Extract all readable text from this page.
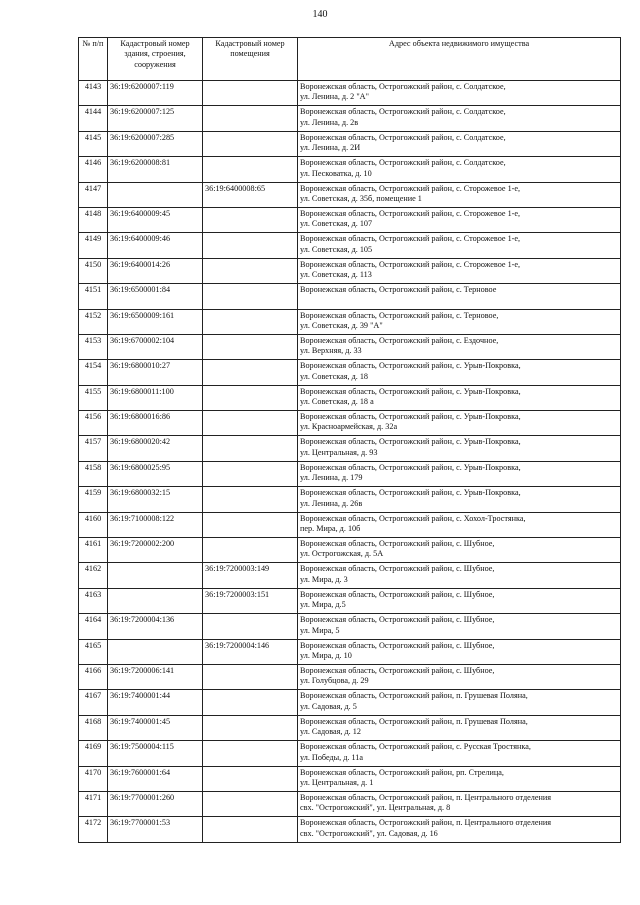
140
№ п/п	Кадастровый номер здания, строения, сооружения	Кадастровый номер помещения	Адрес объекта недвижимого имущества
4143	36:19:6200007:119		Воронежская область, Острогожский район, с. Солдатское,
ул. Ленина, д. 2 "А"

4144	36:19:6200007:125		Воронежская область, Острогожский район, с. Солдатское,
ул. Ленина, д. 2в

4145	36:19:6200007:285		Воронежская область, Острогожский район, с. Солдатское,
ул. Ленина, д. 2И

4146	36:19:6200008:81		Воронежская область, Острогожский район, с. Солдатское,
ул. Песковатка, д. 10

4147		36:19:6400008:65	Воронежская область, Острогожский район, с. Сторожевое 1-е,
ул. Советская, д. 35б, помещение 1

4148	36:19:6400009:45		Воронежская область, Острогожский район, с. Сторожевое 1-е,
ул. Советская, д. 107

4149	36:19:6400009:46		Воронежская область, Острогожский район, с. Сторожевое 1-е,
ул. Советская, д. 105

4150	36:19:6400014:26		Воронежская область, Острогожский район, с. Сторожевое 1-е,
ул. Советская, д. 113

4151	36:19:6500001:84		Воронежская область, Острогожский район, с. Терновое

4152	36:19:6500009:161		Воронежская область, Острогожский район, с. Терновое,
ул. Советская, д. 39 "А"

4153	36:19:6700002:104		Воронежская область, Острогожский район, с. Ездочное,
ул. Верхняя, д. 33

4154	36:19:6800010:27		Воронежская область, Острогожский район, с. Урыв-Покровка,
ул. Советская, д. 18

4155	36:19:6800011:100		Воронежская область, Острогожский район, с. Урыв-Покровка,
ул. Советская, д. 18 а

4156	36:19:6800016:86		Воронежская область, Острогожский район, с. Урыв-Покровка,
ул. Красноармейская, д. 32а

4157	36:19:6800020:42		Воронежская область, Острогожский район, с. Урыв-Покровка,
ул. Центральная, д. 93

4158	36:19:6800025:95		Воронежская область, Острогожский район, с. Урыв-Покровка,
ул. Ленина, д. 179

4159	36:19:6800032:15		Воронежская область, Острогожский район, с. Урыв-Покровка,
ул. Ленина, д. 26в

4160	36:19:7100008:122		Воронежская область, Острогожский район, с. Хохол-Тростянка,
пер. Мира, д. 10б

4161	36:19:7200002:200		Воронежская область, Острогожский район, с. Шубное,
ул. Острогожская, д. 5А

4162		36:19:7200003:149	Воронежская область, Острогожский район, с. Шубное,
ул. Мира, д. 3

4163		36:19:7200003:151	Воронежская область, Острогожский район, с. Шубное,
ул. Мира, д.5

4164	36:19:7200004:136		Воронежская область, Острогожский район, с. Шубное,
ул. Мира, 5

4165		36:19:7200004:146	Воронежская область, Острогожский район, с. Шубное,
ул. Мира, д. 10

4166	36:19:7200006:141		Воронежская область, Острогожский район, с. Шубное,
ул. Голубцова, д. 29

4167	36:19:7400001:44		Воронежская область, Острогожский район, п. Грушевая Поляна,
ул. Садовая, д. 5

4168	36:19:7400001:45		Воронежская область, Острогожский район, п. Грушевая Поляна,
ул. Садовая, д. 12

4169	36:19:7500004:115		Воронежская область, Острогожский район, с. Русская Тростянка,
ул. Победы, д. 11а

4170	36:19:7600001:64		Воронежская область, Острогожский район, рп. Стрелица,
ул. Центральная, д. 1

4171	36:19:7700001:260		Воронежская область, Острогожский район, п. Центрального отделения
свх. "Острогожский", ул. Центральная, д. 8

4172	36:19:7700001:53		Воронежская область, Острогожский район, п. Центрального отделения
свх. "Острогожский", ул. Садовая, д. 16
